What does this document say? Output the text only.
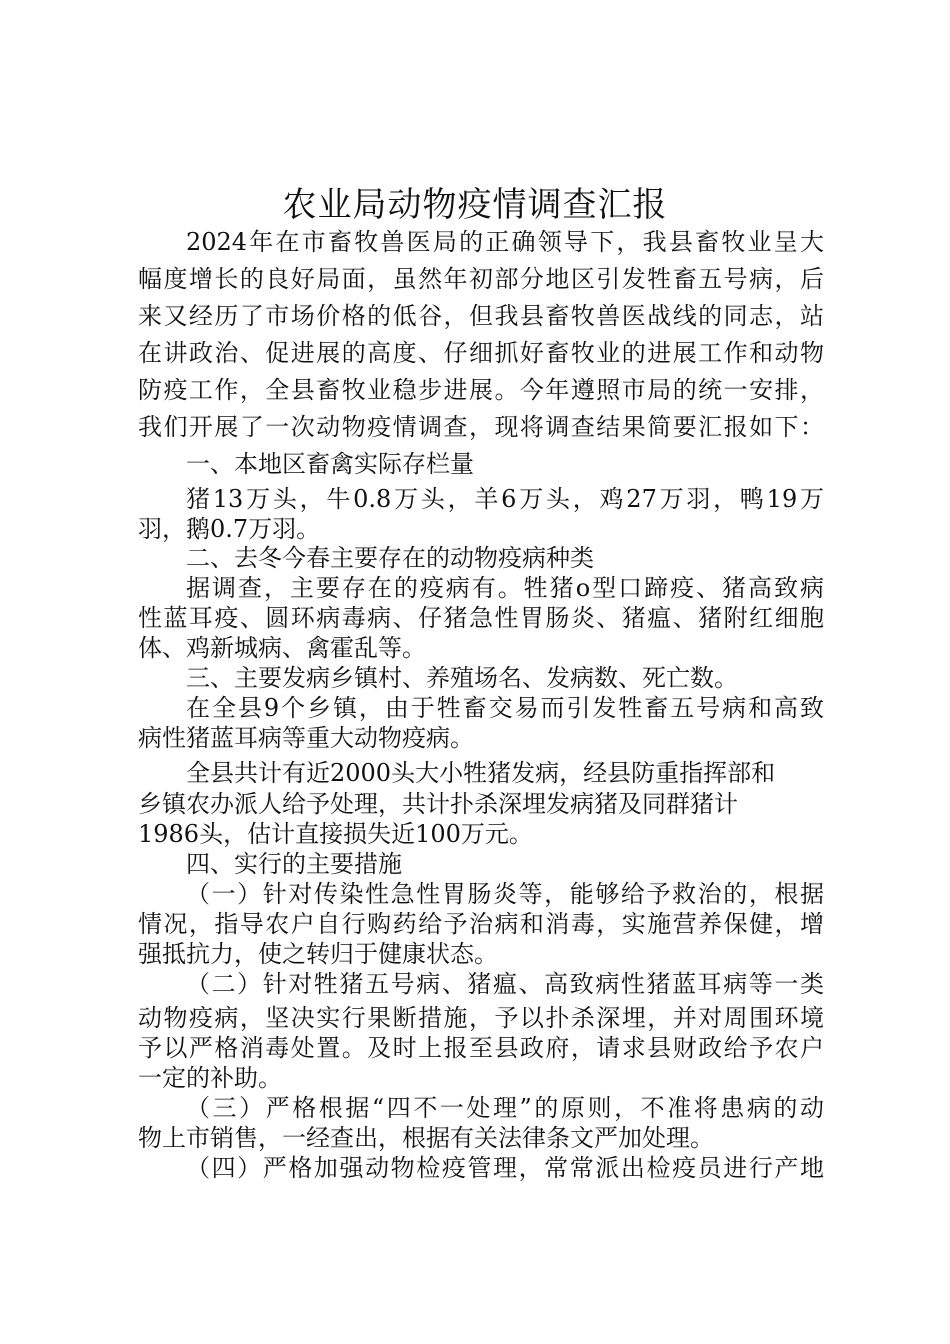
农业局动物疫情调查汇报
2024年在市畜牧兽医局的正确领导下，我县畜牧业呈大
幅度增长的良好局面，虽然年初部分地区引发牲畜五号病，后
来又经历了市场价格的低谷，但我县畜牧兽医战线的同志，站
在讲政治、促进展的高度、仔细抓好畜牧业的进展工作和动物
防疫工作，全县畜牧业稳步进展。今年遵照市局的统一安排，
我们开展了一次动物疫情调查，现将调查结果简要汇报如下：
一、本地区畜禽实际存栏量
猪13万头，牛0.8万头，羊6万头，鸡27万羽，鸭19万
羽，鹅0.7万羽。
二、去冬今春主要存在的动物疫病种类
据调查，主要存在的疫病有。牲猪o型口蹄疫、猪高致病
性蓝耳疫、圆环病毒病、仔猪急性胃肠炎、猪瘟、猪附红细胞
体、鸡新城病、禽霍乱等。
三、主要发病乡镇村、养殖场名、发病数、死亡数。
在全县9个乡镇，由于牲畜交易而引发牲畜五号病和高致
病性猪蓝耳病等重大动物疫病。
全县共计有近2000头大小牲猪发病，经县防重指挥部和
乡镇农办派人给予处理，共计扑杀深埋发病猪及同群猪计
1986头，估计直接损失近100万元。
四、实行的主要措施
（一）针对传染性急性胃肠炎等，能够给予救治的，根据
情况，指导农户自行购药给予治病和消毒，实施营养保健，增
强抵抗力，使之转归于健康状态。
（二）针对牲猪五号病、猪瘟、高致病性猪蓝耳病等一类
动物疫病，坚决实行果断措施，予以扑杀深埋，并对周围环境
予以严格消毒处置。及时上报至县政府，请求县财政给予农户
一定的补助。
（三）严格根据“四不一处理”的原则，不准将患病的动
物上市销售，一经查出，根据有关法律条文严加处理。
（四）严格加强动物检疫管理，常常派出检疫员进行产地
